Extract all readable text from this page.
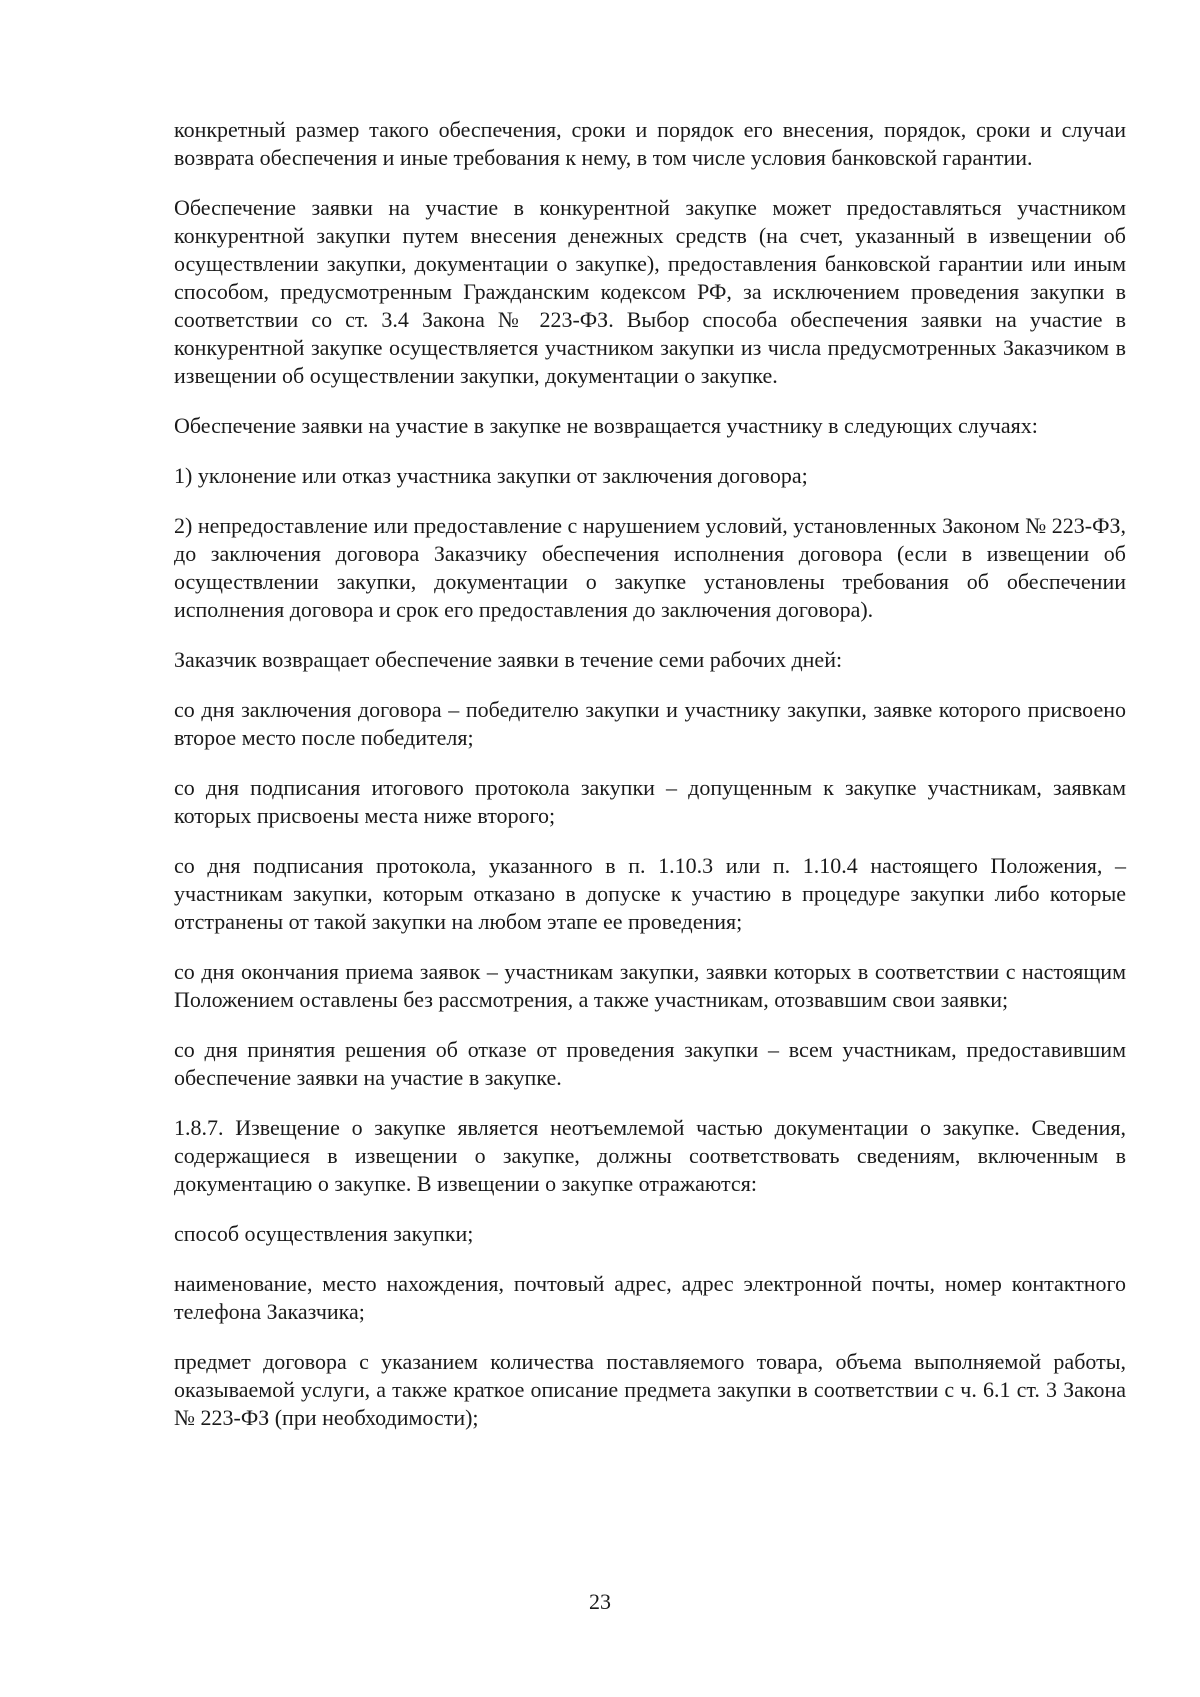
конкретный размер такого обеспечения, сроки и порядок его внесения, порядок, сроки и случаи возврата обеспечения и иные требования к нему, в том числе условия банковской гарантии.

Обеспечение заявки на участие в конкурентной закупке может предоставляться участником конкурентной закупки путем внесения денежных средств (на счет, указанный в извещении об осуществлении закупки, документации о закупке), предоставления банковской гарантии или иным способом, предусмотренным Гражданским кодексом РФ, за исключением проведения закупки в соответствии со ст. 3.4 Закона № 223-ФЗ. Выбор способа обеспечения заявки на участие в конкурентной закупке осуществляется участником закупки из числа предусмотренных Заказчиком в извещении об осуществлении закупки, документации о закупке.

Обеспечение заявки на участие в закупке не возвращается участнику в следующих случаях:

1) уклонение или отказ участника закупки от заключения договора;

2) непредоставление или предоставление с нарушением условий, установленных Законом № 223-ФЗ, до заключения договора Заказчику обеспечения исполнения договора (если в извещении об осуществлении закупки, документации о закупке установлены требования об обеспечении исполнения договора и срок его предоставления до заключения договора).

Заказчик возвращает обеспечение заявки в течение семи рабочих дней:

со дня заключения договора – победителю закупки и участнику закупки, заявке которого присвоено второе место после победителя;

со дня подписания итогового протокола закупки – допущенным к закупке участникам, заявкам которых присвоены места ниже второго;

со дня подписания протокола, указанного в п. 1.10.3 или п. 1.10.4 настоящего Положения, – участникам закупки, которым отказано в допуске к участию в процедуре закупки либо которые отстранены от такой закупки на любом этапе ее проведения;

со дня окончания приема заявок – участникам закупки, заявки которых в соответствии с настоящим Положением оставлены без рассмотрения, а также участникам, отозвавшим свои заявки;

со дня принятия решения об отказе от проведения закупки – всем участникам, предоставившим обеспечение заявки на участие в закупке.

1.8.7. Извещение о закупке является неотъемлемой частью документации о закупке. Сведения, содержащиеся в извещении о закупке, должны соответствовать сведениям, включенным в документацию о закупке. В извещении о закупке отражаются:

способ осуществления закупки;

наименование, место нахождения, почтовый адрес, адрес электронной почты, номер контактного телефона Заказчика;

предмет договора с указанием количества поставляемого товара, объема выполняемой работы, оказываемой услуги, а также краткое описание предмета закупки в соответствии с ч. 6.1 ст. 3 Закона № 223-ФЗ (при необходимости);

23
